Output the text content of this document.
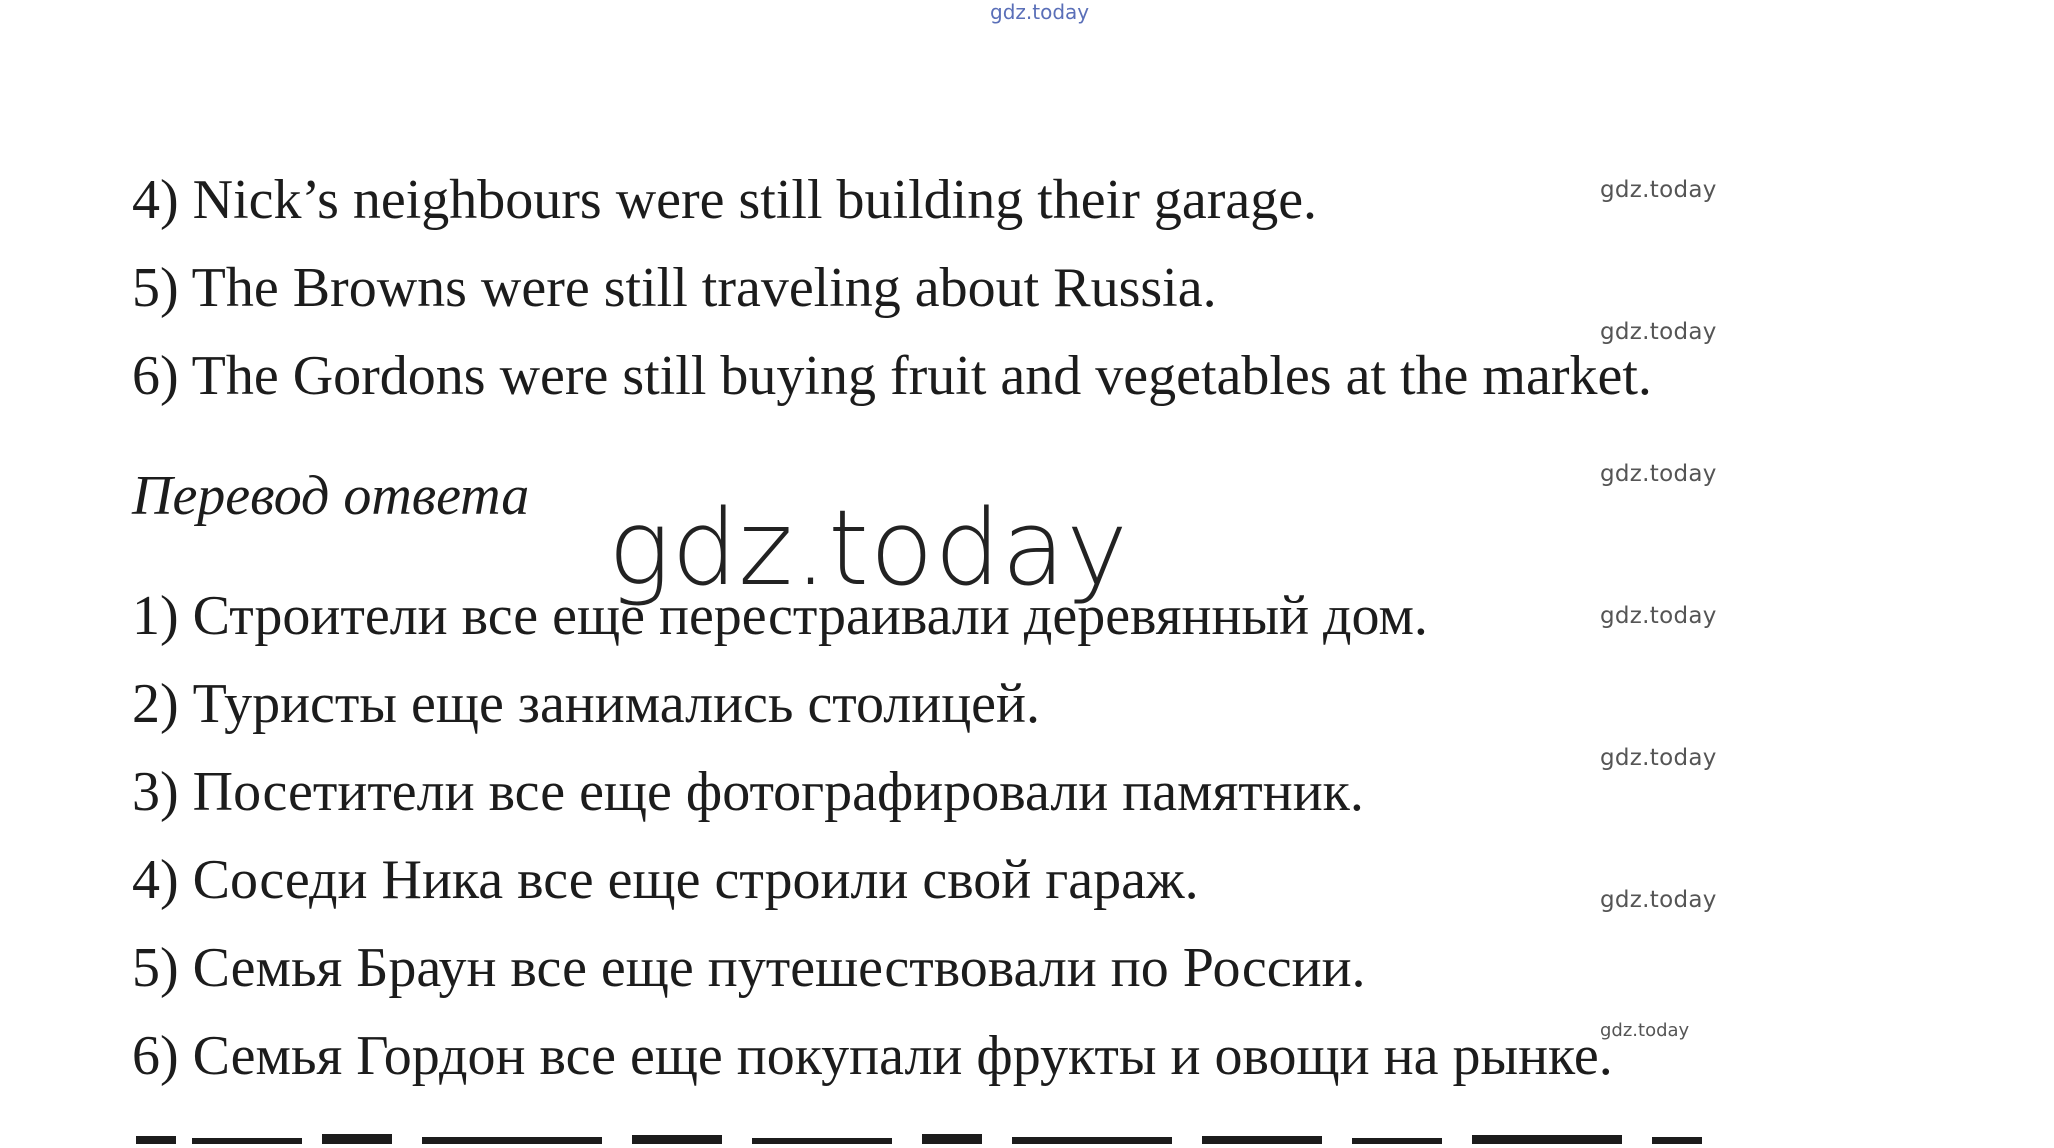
gdz.today
4) Nick’s neighbours were still building their garage.
5) The Browns were still traveling about Russia.
6) The Gordons were still buying fruit and vegetables at the market.
Перевод ответа
1) Строители все еще перестраивали деревянный дом.
2) Туристы еще занимались столицей.
3) Посетители все еще фотографировали памятник.
4) Соседи Ника все еще строили свой гараж.
5) Семья Браун все еще путешествовали по России.
6) Семья Гордон все еще покупали фрукты и овощи на рынке.
gdz.today
gdz.today
gdz.today
gdz.today
gdz.today
gdz.today
gdz.today
gdz.today
